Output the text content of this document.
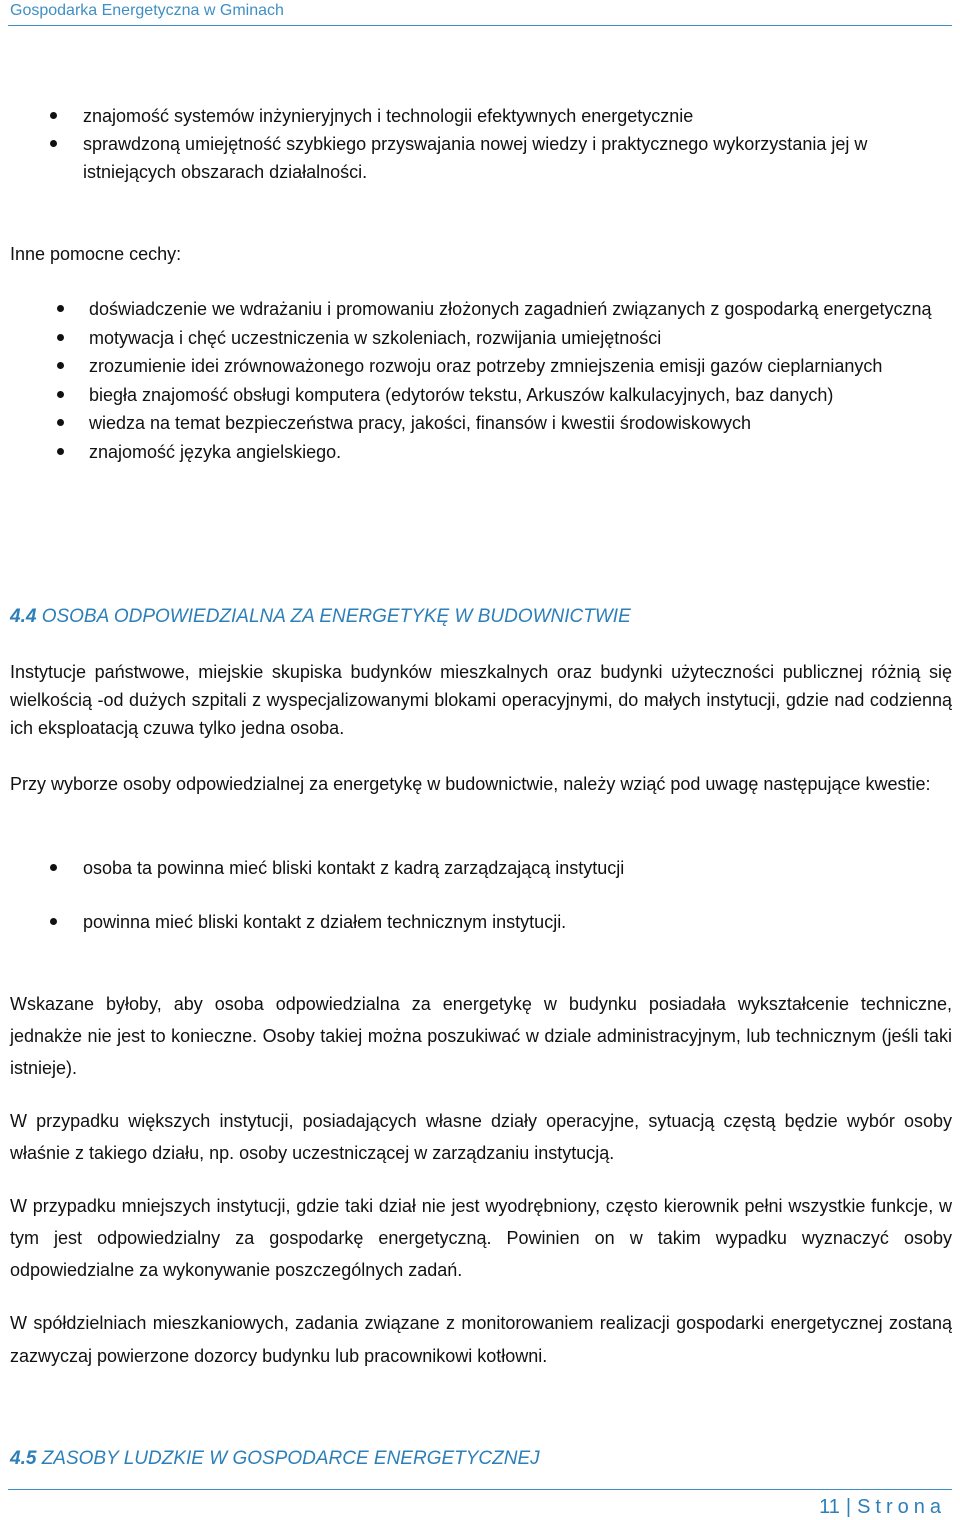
Gospodarka Energetyczna w Gminach
znajomość systemów inżynieryjnych i technologii efektywnych energetycznie
sprawdzoną umiejętność szybkiego przyswajania nowej wiedzy i praktycznego wykorzystania jej w istniejących obszarach działalności.
Inne pomocne cechy:
doświadczenie we wdrażaniu i promowaniu złożonych zagadnień związanych z gospodarką energetyczną
motywacja i chęć uczestniczenia w szkoleniach, rozwijania umiejętności
zrozumienie idei zrównoważonego rozwoju oraz potrzeby zmniejszenia emisji gazów cieplarnianych
biegła znajomość obsługi komputera (edytorów tekstu, Arkuszów kalkulacyjnych, baz danych)
wiedza na temat bezpieczeństwa pracy, jakości, finansów i kwestii środowiskowych
znajomość języka angielskiego.
4.4 OSOBA ODPOWIEDZIALNA ZA ENERGETYKĘ W BUDOWNICTWIE

Instytucje państwowe, miejskie skupiska budynków mieszkalnych oraz budynki użyteczności publicznej różnią się wielkością -od dużych szpitali z wyspecjalizowanymi blokami operacyjnymi, do małych instytucji, gdzie nad codzienną ich eksploatacją czuwa tylko jedna osoba.

Przy wyborze osoby odpowiedzialnej za energetykę w budownictwie, należy wziąć pod uwagę następujące kwestie:

osoba ta powinna mieć bliski kontakt z kadrą zarządzającą instytucji
powinna mieć bliski kontakt z działem technicznym instytucji.

Wskazane byłoby, aby osoba odpowiedzialna za energetykę w budynku posiadała wykształcenie techniczne, jednakże nie jest to konieczne. Osoby takiej można poszukiwać w dziale administracyjnym, lub technicznym (jeśli taki istnieje).

W przypadku większych instytucji, posiadających własne działy operacyjne, sytuacją częstą będzie wybór osoby właśnie z takiego działu, np. osoby uczestniczącej w zarządzaniu instytucją.

W przypadku mniejszych instytucji, gdzie taki dział nie jest wyodrębniony, często kierownik pełni wszystkie funkcje, w tym jest odpowiedzialny za gospodarkę energetyczną. Powinien on w takim wypadku wyznaczyć osoby odpowiedzialne za wykonywanie poszczególnych zadań.

W spółdzielniach mieszkaniowych, zadania związane z monitorowaniem realizacji gospodarki energetycznej zostaną zazwyczaj powierzone dozorcy budynku lub pracownikowi kotłowni.

4.5 ZASOBY LUDZKIE W GOSPODARCE ENERGETYCZNEJ
11 | Strona
